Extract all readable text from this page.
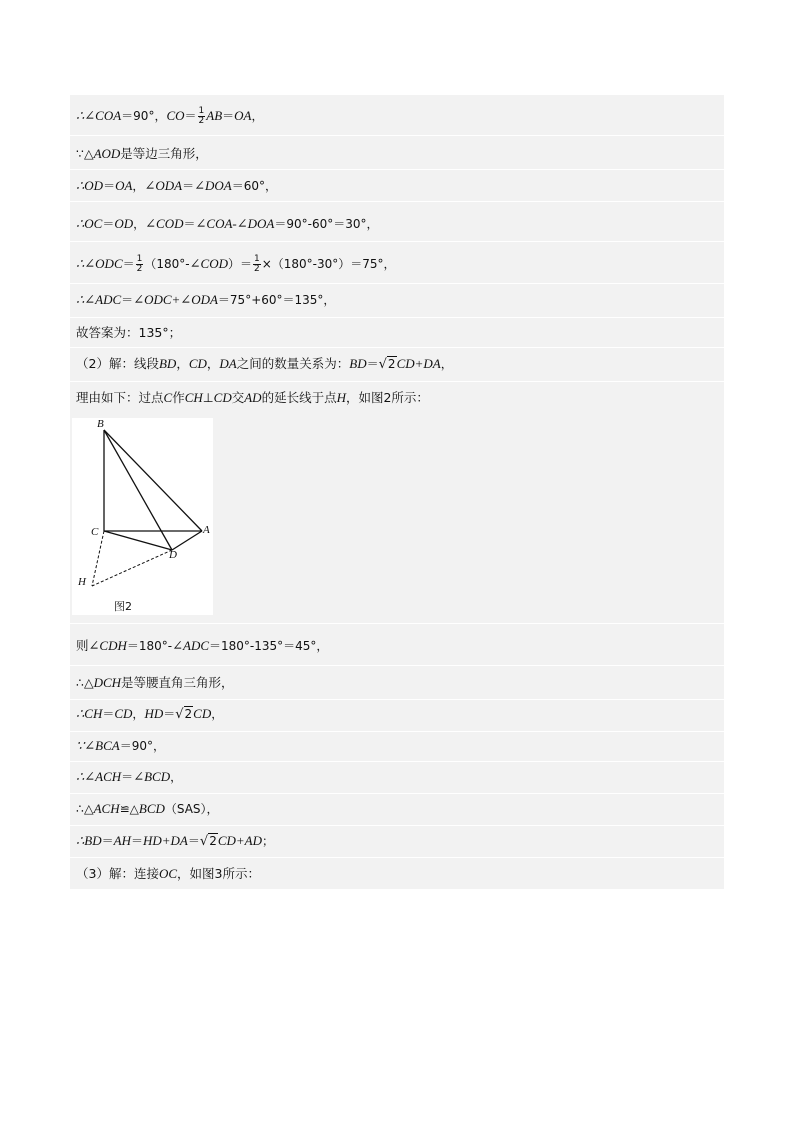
∴∠COA＝90°，$CO= \frac{1}{2} AB=OA$，
∵△AOD是等边三角形，
∴OD＝OA，∠ODA＝∠DOA＝60°，
∴OC＝OD，∠COD＝∠COA-∠DOA＝90°-60°＝30°，
∴∠ODC＝ $\frac{1}{2}$ （180°-∠COD）＝ $\frac{1}{2} \times(180^\circ-30^\circ)=75^\circ$，
∴∠ADC＝∠ODC+∠ODA＝75°+60°＝135°，
故答案为：135°；
（2）解：线段BD，CD，DA之间的数量关系为：BD＝√2CD+DA，
理由如下：过点C作CH⊥CD交AD的延长线于点H，如图2所示：
B
C	A
D
H
图2
则∠CDH＝180°-∠ADC＝180°-135°＝45°，
∴△DCH是等腰直角三角形，
∴CH＝CD，HD＝√2CD，
∵∠BCA＝90°，
∴∠ACH＝∠BCD，
∴△ACH≌△BCD（SAS），
∴BD＝AH＝HD+DA＝√2CD+AD；
（3）解：连接OC，如图3所示：
